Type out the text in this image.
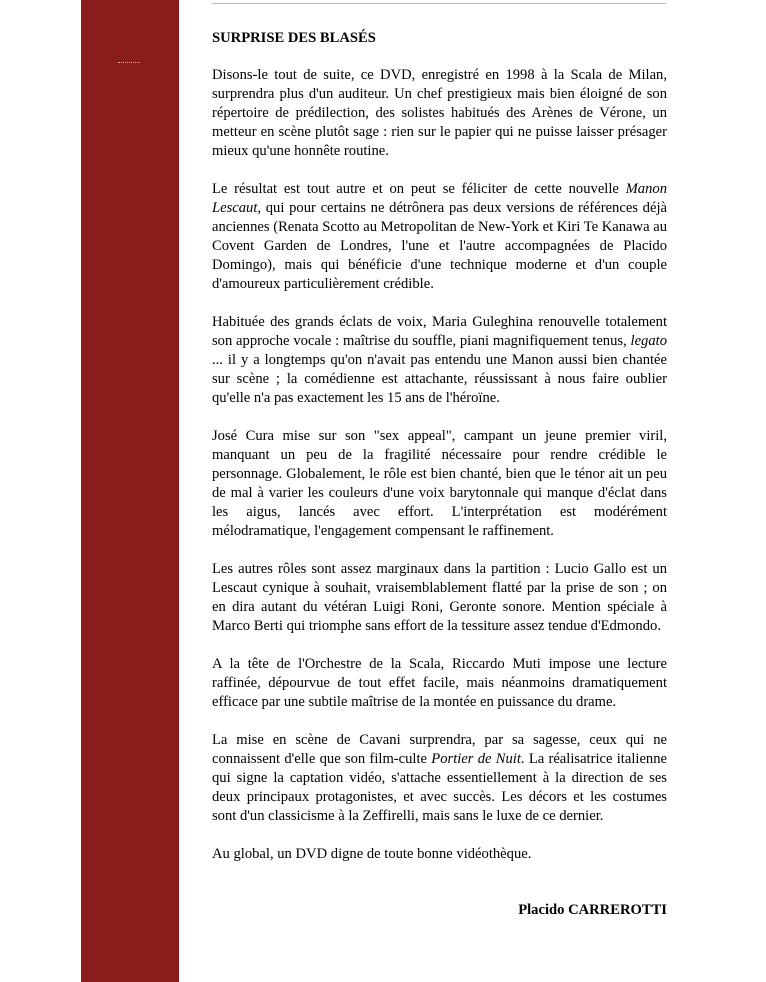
SURPRISE DES BLASÉS

Disons-le tout de suite, ce DVD, enregistré en 1998 à la Scala de Milan, surprendra plus d'un auditeur. Un chef prestigieux mais bien éloigné de son répertoire de prédilection, des solistes habitués des Arènes de Vérone, un metteur en scène plutôt sage : rien sur le papier qui ne puisse laisser présager mieux qu'une honnête routine.

Le résultat est tout autre et on peut se féliciter de cette nouvelle Manon Lescaut, qui pour certains ne détrônera pas deux versions de références déjà anciennes (Renata Scotto au Metropolitan de New-York et Kiri Te Kanawa au Covent Garden de Londres, l'une et l'autre accompagnées de Placido Domingo), mais qui bénéficie d'une technique moderne et d'un couple d'amoureux particulièrement crédible.

Habituée des grands éclats de voix, Maria Guleghina renouvelle totalement son approche vocale : maîtrise du souffle, piani magnifiquement tenus, legato ... il y a longtemps qu'on n'avait pas entendu une Manon aussi bien chantée sur scène ; la comédienne est attachante, réussissant à nous faire oublier qu'elle n'a pas exactement les 15 ans de l'héroïne.

José Cura mise sur son "sex appeal", campant un jeune premier viril, manquant un peu de la fragilité nécessaire pour rendre crédible le personnage. Globalement, le rôle est bien chanté, bien que le ténor ait un peu de mal à varier les couleurs d'une voix barytonnale qui manque d'éclat dans les aigus, lancés avec effort. L'interprétation est modérément mélodramatique, l'engagement compensant le raffinement.

Les autres rôles sont assez marginaux dans la partition : Lucio Gallo est un Lescaut cynique à souhait, vraisemblablement flatté par la prise de son ; on en dira autant du vétéran Luigi Roni, Geronte sonore. Mention spéciale à Marco Berti qui triomphe sans effort de la tessiture assez tendue d'Edmondo.

A la tête de l'Orchestre de la Scala, Riccardo Muti impose une lecture raffinée, dépourvue de tout effet facile, mais néanmoins dramatiquement efficace par une subtile maîtrise de la montée en puissance du drame.

La mise en scène de Cavani surprendra, par sa sagesse, ceux qui ne connaissent d'elle que son film-culte Portier de Nuit. La réalisatrice italienne qui signe la captation vidéo, s'attache essentiellement à la direction de ses deux principaux protagonistes, et avec succès. Les décors et les costumes sont d'un classicisme à la Zeffirelli, mais sans le luxe de ce dernier.

Au global, un DVD digne de toute bonne vidéothèque.

Placido CARREROTTI
